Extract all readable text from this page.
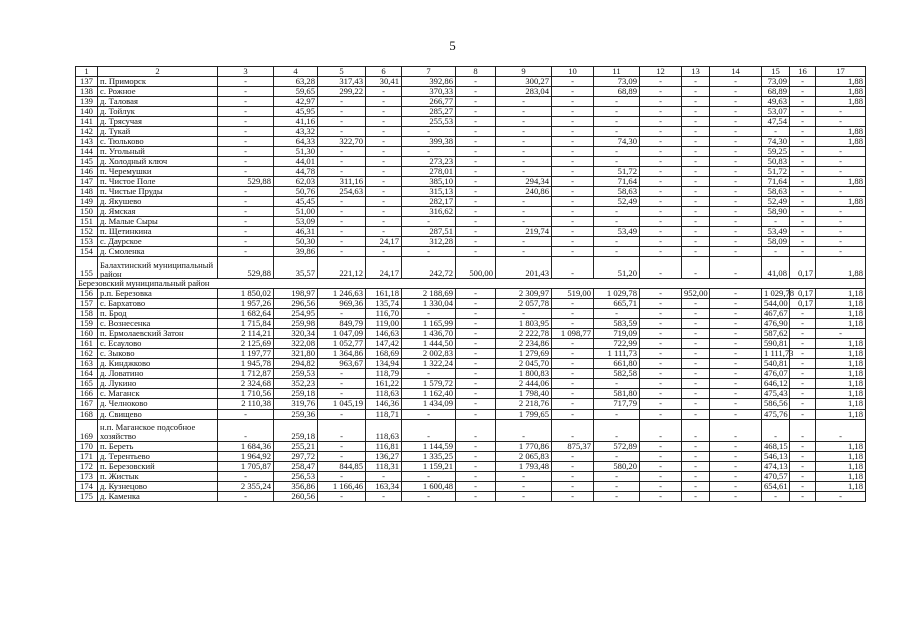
5
1	2	3	4	5	6	7	8	9	10	11	12	13	14	15	16	17	
137	п. Приморск	-	63,28	317,43	30,41	392,86	-	300,27	-	73,09	-	-	-	73,09	-	1,88	
138	с. Рожное	-	59,65	299,22	-	370,33	-	283,04	-	68,89	-	-	-	68,89	-	1,88	
139	д. Таловая	-	42,97	-	-	266,77	-	-	-	-	-	-	-	49,63	-	1,88	
140	д. Тойлук	-	45,95	-	-	285,27	-	-	-	-	-	-	-	53,07	-	-	
141	д. Трясучая	-	41,16	-	-	255,53	-	-	-	-	-	-	-	47,54	-	-	
142	д. Тукай	-	43,32	-	-	-	-	-	-	-	-	-	-	-	-	1,88	
143	с. Тюльково	-	64,33	322,70	-	399,38	-	-	-	74,30	-	-	-	74,30	-	1,88	
144	п. Угольный	-	51,30	-	-	-	-	-	-	-	-	-	-	59,25	-	-	
145	д. Холодный ключ	-	44,01	-	-	273,23	-	-	-	-	-	-	-	50,83	-	-	
146	п. Черемушки	-	44,78	-	-	278,01	-	-	-	51,72	-	-	-	51,72	-	-	
147	п. Чистое Поле	529,88	62,03	311,16	-	385,10	-	294,34	-	71,64	-	-	-	71,64	-	1,88	
148	п. Чистые Пруды	-	50,76	254,63	-	315,13	-	240,86	-	58,63	-	-	-	58,63	-	-	
149	д. Якушево	-	45,45	-	-	282,17	-	-	-	52,49	-	-	-	52,49	-	1,88	
150	д. Ямская	-	51,00	-	-	316,62	-	-	-	-	-	-	-	58,90	-	-	
151	д. Малые Сыры	-	53,09	-	-	-	-	-	-	-	-	-	-	-	-	-	
152	п. Щетинкина	-	46,31	-	-	287,51	-	219,74	-	53,49	-	-	-	53,49	-	-	
153	с. Даурское	-	50,30	-	24,17	312,28	-	-	-	-	-	-	-	58,09	-	-	
154	д. Смоленка	-	39,86	-	-	-	-	-	-	-	-	-	-	-	-	-	
155	Балахтинский муниципальный район	529,88	35,57	221,12	24,17	242,72	500,00	201,43	-	51,20	-	-	-	41,08	0,17	1,88	
Березовский муниципальный район																	
156	р.п. Березовка	1 850,02	198,97	1 246,63	161,18	2 188,69	-	2 309,97	519,00	1 029,78	-	952,00	-	1 029,78	0,17	1,18	
157	с. Бархатово	1 957,26	296,56	969,36	135,74	1 330,04	-	2 057,78	-	665,71	-	-	-	544,00	0,17	1,18	
158	п. Брод	1 682,64	254,95	-	116,70	-	-	-	-	-	-	-	-	467,67	-	1,18	
159	с. Вознесенка	1 715,84	259,98	849,79	119,00	1 165,99	-	1 803,95	-	583,59	-	-	-	476,90	-	1,18	
160	п. Ермолаевский Затон	2 114,21	320,34	1 047,09	146,63	1 436,70	-	2 222,78	1 098,77	719,09	-	-	-	587,62	-	-	
161	с. Есаулово	2 125,69	322,08	1 052,77	147,42	1 444,50	-	2 234,86	-	722,99	-	-	-	590,81	-	1,18	
162	с. Зыково	1 197,77	321,80	1 364,86	168,69	2 002,83	-	1 279,69	-	1 111,73	-	-	-	1 111,73	-	1,18	
163	д. Кинджково	1 945,78	294,82	963,67	134,94	1 322,24	-	2 045,70	-	661,80	-	-	-	540,81	-	1,18	
164	д. Ловатино	1 712,87	259,53	-	118,79	-	-	1 800,83	-	582,58	-	-	-	476,07	-	1,18	
165	д. Лукино	2 324,68	352,23	-	161,22	1 579,72	-	2 444,06	-	-	-	-	-	646,12	-	1,18	
166	с. Маганск	1 710,56	259,18	-	118,63	1 162,40	-	1 798,40	-	581,80	-	-	-	475,43	-	1,18	
167	д. Челноково	2 110,38	319,76	1 045,19	146,36	1 434,09	-	2 218,76	-	717,79	-	-	-	586,56	-	1,18	
168	д. Свищево	-	259,36	-	118,71	-	-	1 799,65	-	-	-	-	-	475,76	-	1,18	
169	н.п. Маганское подсобное хозяйство	-	259,18	-	118,63	-	-	-	-	-	-	-	-	-	-	-	
170	п. Береть	1 684,36	255,21	-	116,81	1 144,59	-	1 770,86	875,37	572,89	-	-	-	468,15	-	1,18	
171	д. Терентьево	1 964,92	297,72	-	136,27	1 335,25	-	2 065,83	-	-	-	-	-	546,13	-	1,18	
172	п. Березовский	1 705,87	258,47	844,85	118,31	1 159,21	-	1 793,48	-	580,20	-	-	-	474,13	-	1,18	
173	п. Жистык	-	256,53	-	-	-	-	-	-	-	-	-	-	470,57	-	1,18	
174	д. Кузнецово	2 355,24	356,86	1 166,46	163,34	1 600,48	-	-	-	-	-	-	-	654,61	-	1,18	
175	д. Каменка	-	260,56	-	-	-	-	-	-	-	-	-	-	-	-	-	
